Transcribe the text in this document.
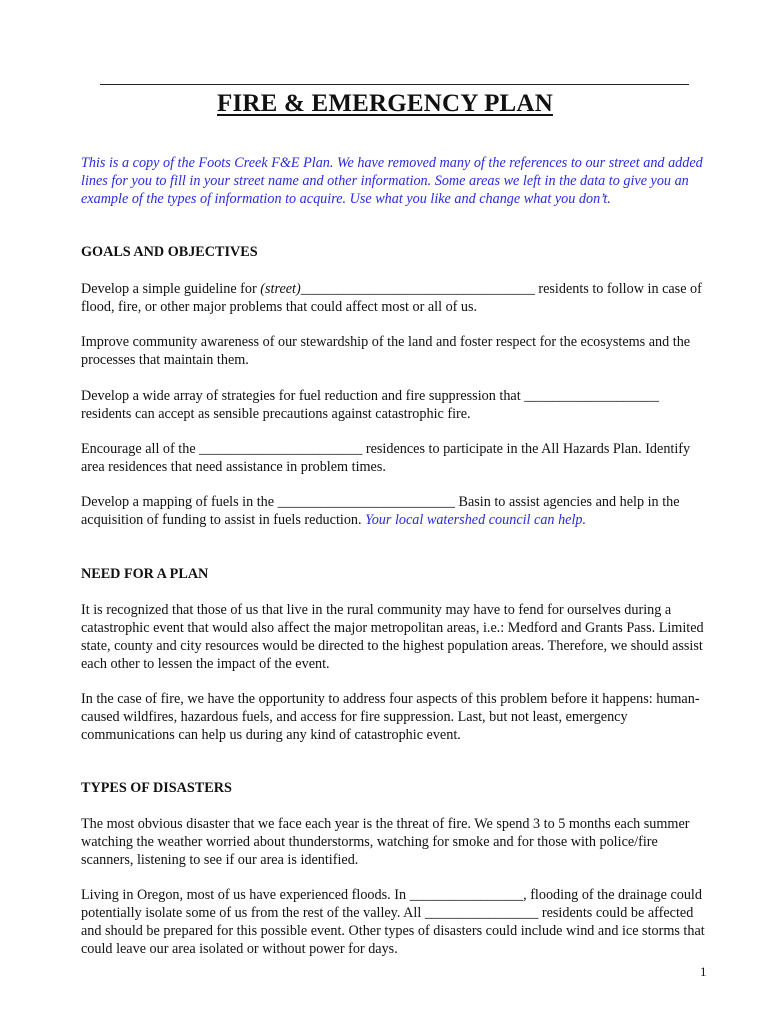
FIRE & EMERGENCY PLAN
This is a copy of the Foots Creek F&E Plan. We have removed many of the references to our street and added lines for you to fill in your street name and other information. Some areas we left in the data to give you an example of the types of information to acquire. Use what you like and change what you don’t.
GOALS AND OBJECTIVES
Develop a simple guideline for (street)_________________________________ residents to follow in case of flood, fire, or other major problems that could affect most or all of us.
Improve community awareness of our stewardship of the land and foster respect for the ecosystems and the processes that maintain them.
Develop a wide array of strategies for fuel reduction and fire suppression that ___________________ residents can accept as sensible precautions against catastrophic fire.
Encourage all of the _______________________ residences to participate in the All Hazards Plan. Identify area residences that need assistance in problem times.
Develop a mapping of fuels in the _________________________ Basin to assist agencies and help in the acquisition of funding to assist in fuels reduction. Your local watershed council can help.
NEED FOR A PLAN
It is recognized that those of us that live in the rural community may have to fend for ourselves during a catastrophic event that would also affect the major metropolitan areas, i.e.: Medford and Grants Pass. Limited state, county and city resources would be directed to the highest population areas. Therefore, we should assist each other to lessen the impact of the event.
In the case of fire, we have the opportunity to address four aspects of this problem before it happens: human-caused wildfires, hazardous fuels, and access for fire suppression. Last, but not least, emergency communications can help us during any kind of catastrophic event.
TYPES OF DISASTERS
The most obvious disaster that we face each year is the threat of fire. We spend 3 to 5 months each summer watching the weather worried about thunderstorms, watching for smoke and for those with police/fire scanners, listening to see if our area is identified.
Living in Oregon, most of us have experienced floods. In ________________, flooding of the drainage could potentially isolate some of us from the rest of the valley. All ________________ residents could be affected and should be prepared for this possible event. Other types of disasters could include wind and ice storms that could leave our area isolated or without power for days.
1
